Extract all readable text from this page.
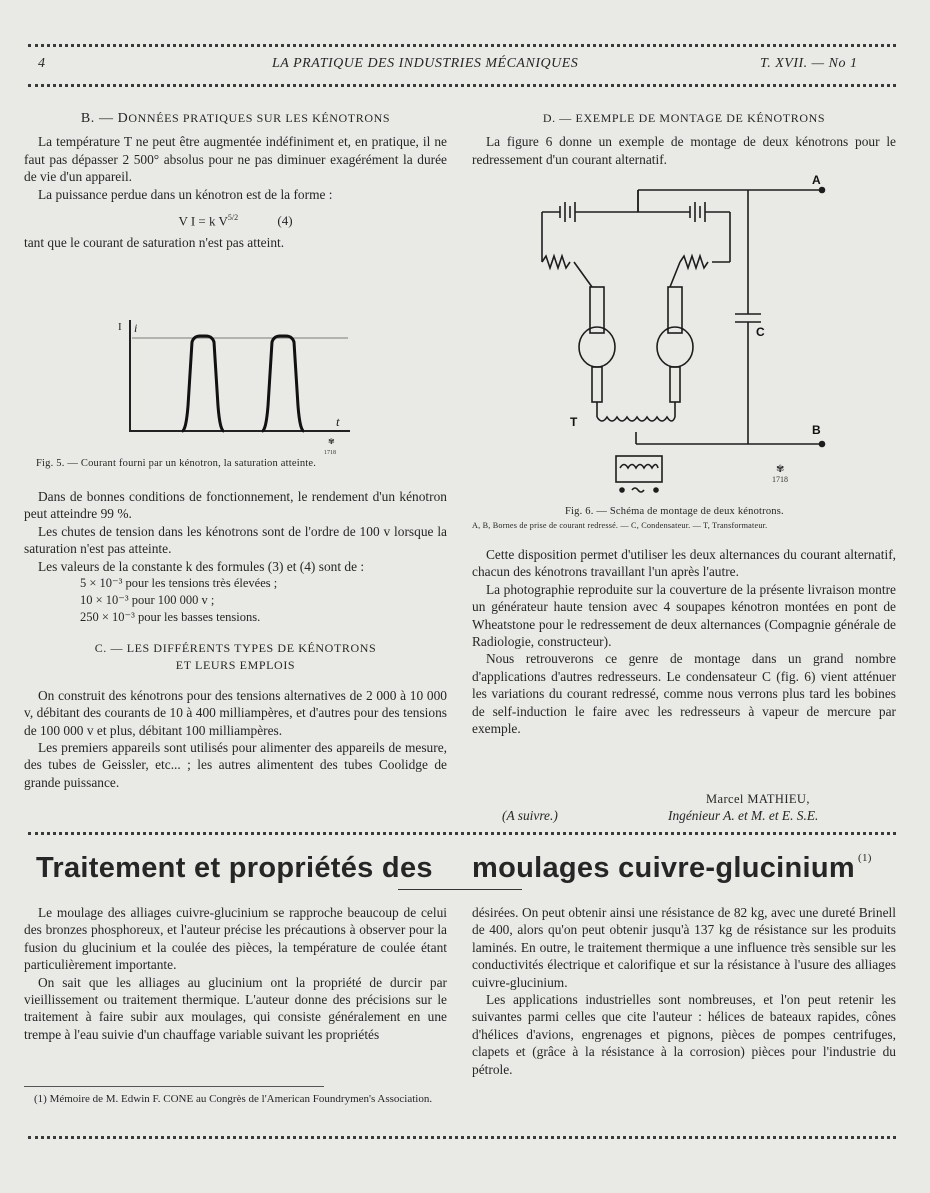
4	LA PRATIQUE DES INDUSTRIES MÉCANIQUES	T. XVII. — No 1
B. — DONNÉES PRATIQUES SUR LES KÉNOTRONS

La température T ne peut être augmentée indéfiniment et, en pratique, il ne faut pas dépasser 2 500° absolus pour ne pas diminuer exagérément la durée de vie d'un appareil.

La puissance perdue dans un kénotron est de la forme :

V I = k $V^{5/2}$	(4)

tant que le courant de saturation n'est pas atteint.

I i
t
✾
1718
Fig. 5. — Courant fourni par un kénotron, la saturation atteinte.

Dans de bonnes conditions de fonctionnement, le rendement d'un kénotron peut atteindre 99 %.

Les chutes de tension dans les kénotrons sont de l'ordre de 100 v lorsque la saturation n'est pas atteinte.

Les valeurs de la constante k des formules (3) et (4) sont de :

5 × 10⁻³ pour les tensions très élevées ;
10 × 10⁻³ pour 100 000 v ;
250 × 10⁻³ pour les basses tensions.
C. — LES DIFFÉRENTS TYPES DE KÉNOTRONS
ET LEURS EMPLOIS

On construit des kénotrons pour des tensions alternatives de 2 000 à 10 000 v, débitant des courants de 10 à 400 milliampères, et d'autres pour des tensions de 100 000 v et plus, débitant 100 milliampères.

Les premiers appareils sont utilisés pour alimenter des appareils de mesure, des tubes de Geissler, etc... ; les autres alimentent des tubes Coolidge de grande puissance.

D. — EXEMPLE DE MONTAGE DE KÉNOTRONS

La figure 6 donne un exemple de montage de deux kénotrons pour le redressement d'un courant alternatif.

A
B
C
T
✾
1718
Fig. 6. — Schéma de montage de deux kénotrons.
A, B, Bornes de prise de courant redressé. — C, Condensateur. — T, Transformateur.

Cette disposition permet d'utiliser les deux alternances du courant alternatif, chacun des kénotrons travaillant l'un après l'autre.

La photographie reproduite sur la couverture de la présente livraison montre un générateur haute tension avec 4 soupapes kénotron montées en pont de Wheatstone pour le redressement de deux alternances (Compagnie générale de Radiologie, constructeur).

Nous retrouverons ce genre de montage dans un grand nombre d'applications d'autres redresseurs. Le condensateur C (fig. 6) vient atténuer les variations du courant redressé, comme nous verrons plus tard les bobines de self-induction le faire avec les redresseurs à vapeur de mercure par exemple.

Marcel MATHIEU,
(A suivre.)	Ingénieur A. et M. et E. S.E.
Traitement et propriétés des moulages cuivre-glucinium (1)

Le moulage des alliages cuivre-glucinium se rapproche beaucoup de celui des bronzes phosphoreux, et l'auteur précise les précautions à observer pour la fusion du glucinium et la coulée des pièces, la température de coulée étant particulièrement importante.

On sait que les alliages au glucinium ont la propriété de durcir par vieillissement ou traitement thermique. L'auteur donne des précisions sur le traitement à faire subir aux moulages, qui consiste généralement en une trempe à l'eau suivie d'un chauffage variable suivant les propriétés

(1) Mémoire de M. Edwin F. CONE au Congrès de l'American Foundrymen's Association.

désirées. On peut obtenir ainsi une résistance de 82 kg, avec une dureté Brinell de 400, alors qu'on peut obtenir jusqu'à 137 kg de résistance sur les produits laminés. En outre, le traitement thermique a une influence très sensible sur les conductivités électrique et calorifique et sur la résistance à l'usure des alliages cuivre-glucinium.

Les applications industrielles sont nombreuses, et l'on peut retenir les suivantes parmi celles que cite l'auteur : hélices de bateaux rapides, cônes d'hélices d'avions, engrenages et pignons, pièces de pompes centrifuges, clapets et (grâce à la résistance à la corrosion) pièces pour l'industrie du pétrole.
